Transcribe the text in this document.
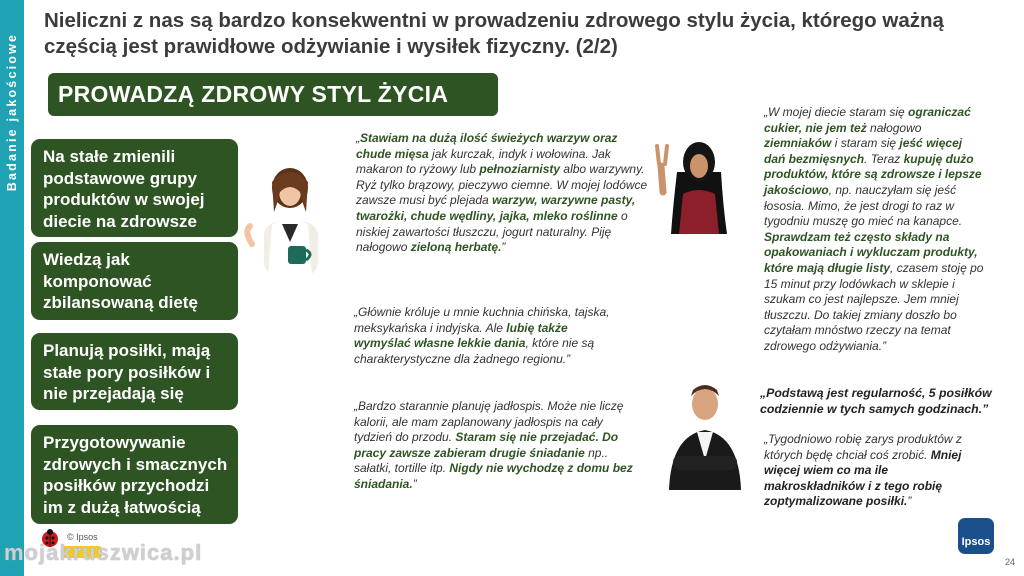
Badanie jakościowe
Nieliczni z nas są bardzo konsekwentni w prowadzeniu zdrowego stylu życia, którego ważną częścią jest prawidłowe odżywianie i wysiłek fizyczny. (2/2)
PROWADZĄ ZDROWY STYL ŻYCIA
Na stałe zmienili podstawowe grupy produktów w swojej diecie na zdrowsze
Wiedzą jak komponować zbilansowaną dietę
Planują posiłki, mają stałe pory posiłków i nie przejadają się
Przygotowywanie zdrowych i smacznych posiłków przychodzi im z dużą łatwością
„Stawiam na dużą ilość świeżych warzyw oraz chude mięsa jak kurczak, indyk i wołowina. Jak makaron to ryżowy lub pełnoziarnisty albo warzywny. Ryż tylko brązowy, pieczywo ciemne. W mojej lodówce zawsze musi być plejada warzyw, warzywne pasty, twarożki, chude wędliny, jajka, mleko roślinne o niskiej zawartości tłuszczu, jogurt naturalny. Piję nałogowo zieloną herbatę.”
„Głównie króluje u mnie kuchnia chińska, tajska, meksykańska i indyjska. Ale lubię także wymyślać własne lekkie dania, które nie są charakterystyczne dla żadnego regionu.”
„Bardzo starannie planuję jadłospis. Może nie liczę kalorii, ale mam zaplanowany jadłospis na cały tydzień do przodu. Staram się nie przejadać. Do pracy zawsze zabieram drugie śniadanie np.. sałatki, tortille itp. Nigdy nie wychodzę z domu bez śniadania.”
„W mojej diecie staram się ograniczać cukier, nie jem też nałogowo ziemniaków i staram się jeść więcej dań bezmięsnych. Teraz kupuję dużo produktów, które są zdrowsze i lepsze jakościowo, np. nauczyłam się jeść łososia. Mimo, że jest drogi to raz w tygodniu muszę go mieć na kanapce. Sprawdzam też często składy na opakowaniach i wykluczam produkty, które mają długie listy, czasem stoję po 15 minut przy lodówkach w sklepie i szukam co jest najlepsze. Jem mniej tłuszczu. Do takiej zmiany doszło bo czytałam mnóstwo rzeczy na temat zdrowego odżywiania.”
„Podstawą jest regularność, 5 posiłków codziennie w tych samych godzinach.”
„Tygodniowo robię zarys produktów z których będę chciał coś zrobić. Mniej więcej wiem co ma ile makroskładników i z tego robię zoptymalizowane posiłki.”
© Ipsos
mojakruszwica.pl	Ipsos
24
